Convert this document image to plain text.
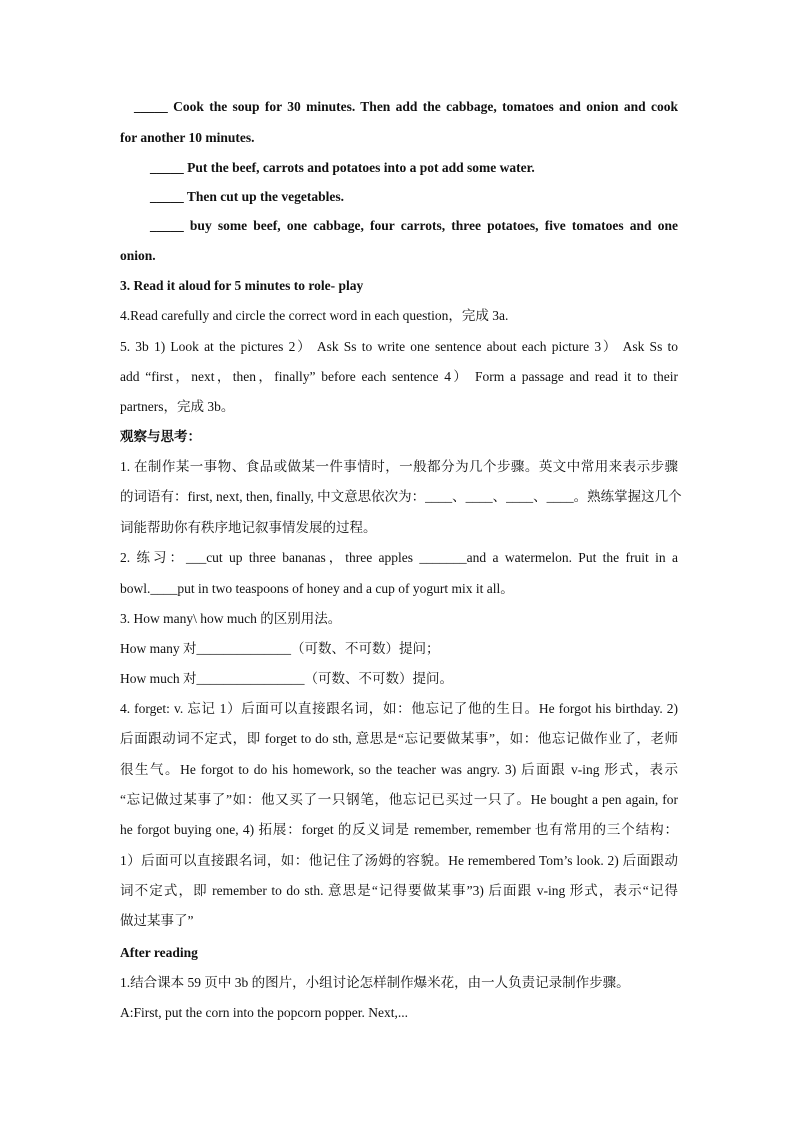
_____ Cook the soup for 30 minutes. Then add the cabbage, tomatoes and onion and cook
for another 10 minutes.
_____ Put the beef, carrots and potatoes into a pot add some water.
_____ Then cut up the vegetables.
_____ buy some beef, one cabbage, four carrots, three potatoes, five tomatoes and one
onion.
3. Read it aloud for 5 minutes to role- play
4.Read carefully and circle the correct word in each question，完成 3a.
5. 3b 1) Look at the pictures 2） Ask Ss to write one sentence about each picture 3） Ask Ss to
add “first，next，then，finally” before each sentence 4） Form a passage and read it to their
partners，完成 3b。
观察与思考：
1. 在制作某一事物、食品或做某一件事情时，一般都分为几个步骤。英文中常用来表示步骤
的词语有：first, next, then, finally, 中文意思依次为：____、____、____、____。熟练掌握这几个
词能帮助你有秩序地记叙事情发展的过程。
2. 练习：___cut up three bananas，three apples _______and a watermelon. Put the fruit in a
bowl.____put in two teaspoons of honey and a cup of yogurt mix it all。
3. How many\ how much 的区别用法。
How many 对______________（可数、不可数）提问；
How much 对________________（可数、不可数）提问。
4. forget: v. 忘记 1）后面可以直接跟名词，如：他忘记了他的生日。He forgot his birthday. 2)
后面跟动词不定式，即 forget to do sth, 意思是“忘记要做某事”，如：他忘记做作业了，老师
很生气。He forgot to do his homework, so the teacher was angry. 3) 后面跟 v-ing 形式，表示
“忘记做过某事了”如：他又买了一只钢笔，他忘记已买过一只了。He bought a pen again, for
he forgot buying one, 4) 拓展：forget 的反义词是 remember, remember 也有常用的三个结构：
1）后面可以直接跟名词，如：他记住了汤姆的容貌。He remembered Tom’s look. 2) 后面跟动
词不定式，即 remember to do sth. 意思是“记得要做某事”3) 后面跟 v-ing 形式，表示“记得
做过某事了”
After reading
1.结合课本 59 页中 3b 的图片，小组讨论怎样制作爆米花，由一人负责记录制作步骤。
A:First, put the corn into the popcorn popper. Next,...
